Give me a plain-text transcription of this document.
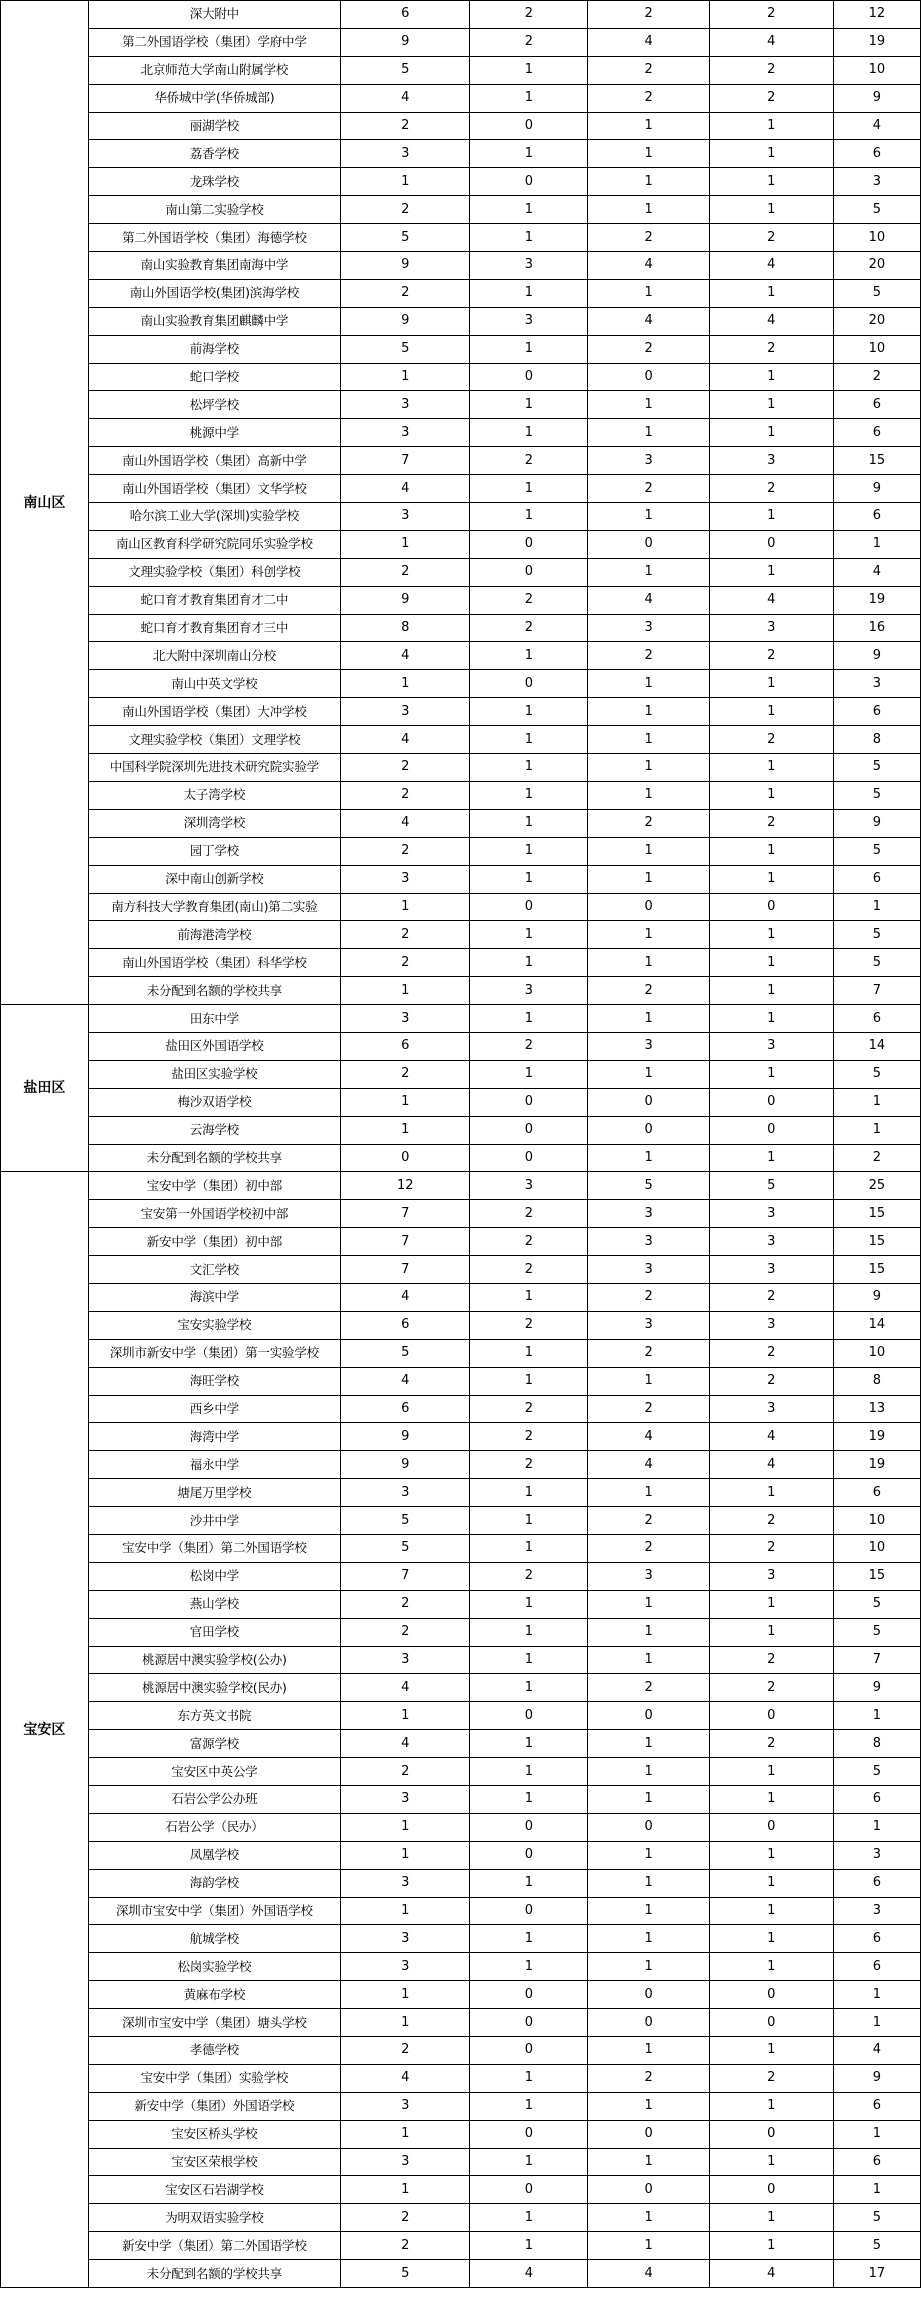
南山区	深大附中	6	2	2	2	12
	第二外国语学校（集团）学府中学	9	2	4	4	19
	北京师范大学南山附属学校	5	1	2	2	10
	华侨城中学(华侨城部)	4	1	2	2	9
	丽湖学校	2	0	1	1	4
	荔香学校	3	1	1	1	6
	龙珠学校	1	0	1	1	3
	南山第二实验学校	2	1	1	1	5
	第二外国语学校（集团）海德学校	5	1	2	2	10
	南山实验教育集团南海中学	9	3	4	4	20
	南山外国语学校(集团)滨海学校	2	1	1	1	5
	南山实验教育集团麒麟中学	9	3	4	4	20
	前海学校	5	1	2	2	10
	蛇口学校	1	0	0	1	2
	松坪学校	3	1	1	1	6
	桃源中学	3	1	1	1	6
	南山外国语学校（集团）高新中学	7	2	3	3	15
	南山外国语学校（集团）文华学校	4	1	2	2	9
	哈尔滨工业大学(深圳)实验学校	3	1	1	1	6
	南山区教育科学研究院同乐实验学校	1	0	0	0	1
	文理实验学校（集团）科创学校	2	0	1	1	4
	蛇口育才教育集团育才二中	9	2	4	4	19
	蛇口育才教育集团育才三中	8	2	3	3	16
	北大附中深圳南山分校	4	1	2	2	9
	南山中英文学校	1	0	1	1	3
	南山外国语学校（集团）大冲学校	3	1	1	1	6
	文理实验学校（集团）文理学校	4	1	1	2	8
	中国科学院深圳先进技术研究院实验学	2	1	1	1	5
	太子湾学校	2	1	1	1	5
	深圳湾学校	4	1	2	2	9
	园丁学校	2	1	1	1	5
	深中南山创新学校	3	1	1	1	6
	南方科技大学教育集团(南山)第二实验	1	0	0	0	1
	前海港湾学校	2	1	1	1	5
	南山外国语学校（集团）科华学校	2	1	1	1	5
	未分配到名额的学校共享	1	3	2	1	7
盐田区	田东中学	3	1	1	1	6
	盐田区外国语学校	6	2	3	3	14
	盐田区实验学校	2	1	1	1	5
	梅沙双语学校	1	0	0	0	1
	云海学校	1	0	0	0	1
	未分配到名额的学校共享	0	0	1	1	2
宝安区	宝安中学（集团）初中部	12	3	5	5	25
	宝安第一外国语学校初中部	7	2	3	3	15
	新安中学（集团）初中部	7	2	3	3	15
	文汇学校	7	2	3	3	15
	海滨中学	4	1	2	2	9
	宝安实验学校	6	2	3	3	14
	深圳市新安中学（集团）第一实验学校	5	1	2	2	10
	海旺学校	4	1	1	2	8
	西乡中学	6	2	2	3	13
	海湾中学	9	2	4	4	19
	福永中学	9	2	4	4	19
	塘尾万里学校	3	1	1	1	6
	沙井中学	5	1	2	2	10
	宝安中学（集团）第二外国语学校	5	1	2	2	10
	松岗中学	7	2	3	3	15
	燕山学校	2	1	1	1	5
	官田学校	2	1	1	1	5
	桃源居中澳实验学校(公办)	3	1	1	2	7
	桃源居中澳实验学校(民办)	4	1	2	2	9
	东方英文书院	1	0	0	0	1
	富源学校	4	1	1	2	8
	宝安区中英公学	2	1	1	1	5
	石岩公学公办班	3	1	1	1	6
	石岩公学（民办）	1	0	0	0	1
	凤凰学校	1	0	1	1	3
	海韵学校	3	1	1	1	6
	深圳市宝安中学（集团）外国语学校	1	0	1	1	3
	航城学校	3	1	1	1	6
	松岗实验学校	3	1	1	1	6
	黄麻布学校	1	0	0	0	1
	深圳市宝安中学（集团）塘头学校	1	0	0	0	1
	孝德学校	2	0	1	1	4
	宝安中学（集团）实验学校	4	1	2	2	9
	新安中学（集团）外国语学校	3	1	1	1	6
	宝安区桥头学校	1	0	0	0	1
	宝安区荣根学校	3	1	1	1	6
	宝安区石岩湖学校	1	0	0	0	1
	为明双语实验学校	2	1	1	1	5
	新安中学（集团）第二外国语学校	2	1	1	1	5
	未分配到名额的学校共享	5	4	4	4	17
